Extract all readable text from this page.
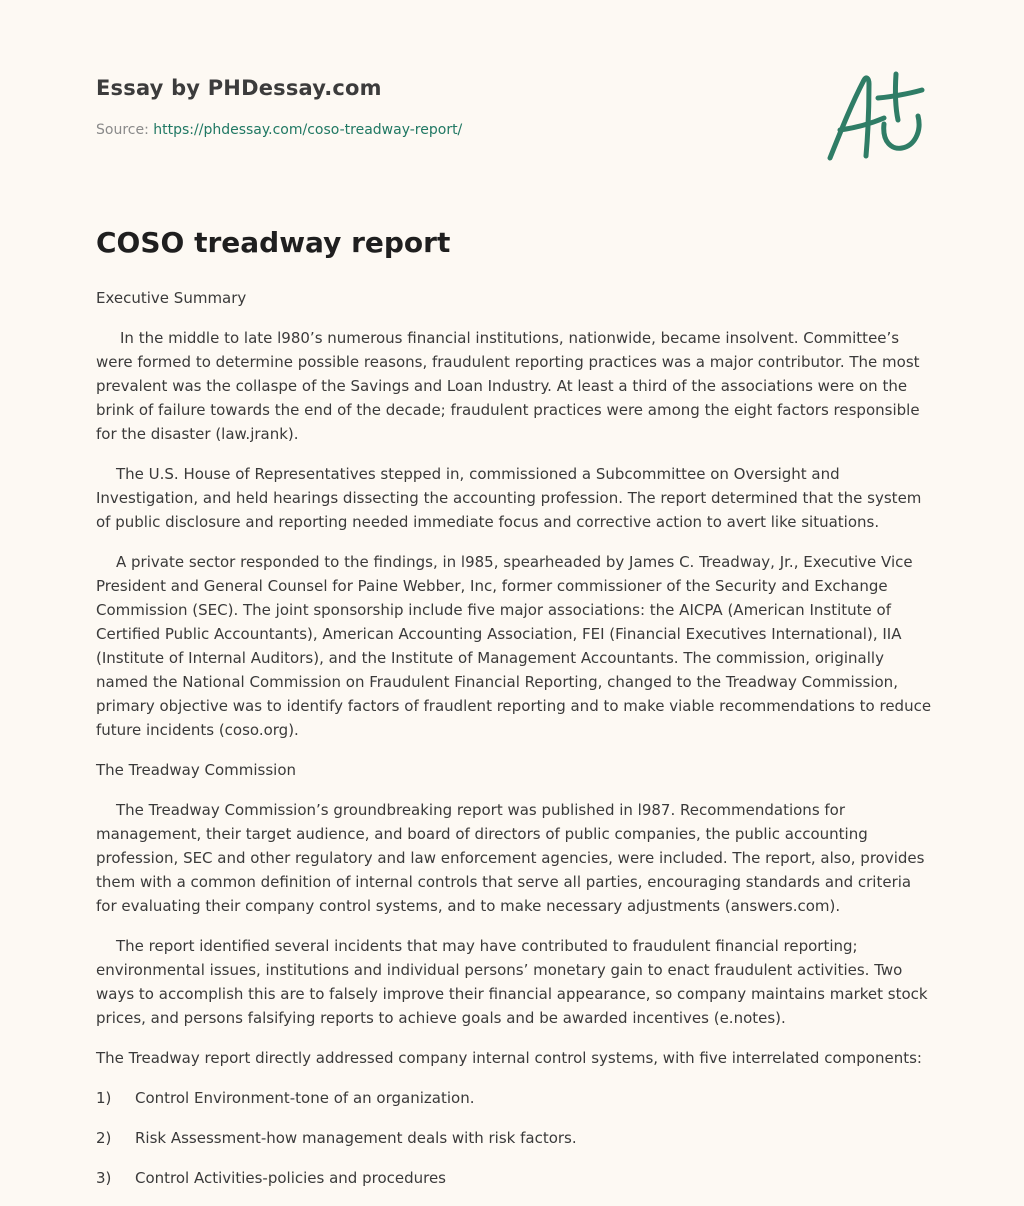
Essay by PHDessay.com
Source: https://phdessay.com/coso-treadway-report/
COSO treadway report

Executive Summary

In the middle to late l980’s numerous financial institutions, nationwide, became insolvent. Committee’s were formed to determine possible reasons, fraudulent reporting practices was a major contributor. The most prevalent was the collaspe of the Savings and Loan Industry. At least a third of the associations were on the brink of failure towards the end of the decade; fraudulent practices were among the eight factors responsible for the disaster (law.jrank).

The U.S. House of Representatives stepped in, commissioned a Subcommittee on Oversight and Investigation, and held hearings dissecting the accounting profession. The report determined that the system of public disclosure and reporting needed immediate focus and corrective action to avert like situations.

A private sector responded to the findings, in l985, spearheaded by James C. Treadway, Jr., Executive Vice President and General Counsel for Paine Webber, Inc, former commissioner of the Security and Exchange Commission (SEC). The joint sponsorship include five major associations: the AICPA (American Institute of Certified Public Accountants), American Accounting Association, FEI (Financial Executives International), IIA (Institute of Internal Auditors), and the Institute of Management Accountants. The commission, originally named the National Commission on Fraudulent Financial Reporting, changed to the Treadway Commission, primary objective was to identify factors of fraudlent reporting and to make viable recommendations to reduce future incidents (coso.org).

The Treadway Commission

The Treadway Commission’s groundbreaking report was published in l987. Recommendations for management, their target audience, and board of directors of public companies, the public accounting profession, SEC and other regulatory and law enforcement agencies, were included. The report, also, provides them with a common definition of internal controls that serve all parties, encouraging standards and criteria for evaluating their company control systems, and to make necessary adjustments (answers.com).

The report identified several incidents that may have contributed to fraudulent financial reporting; environmental issues, institutions and individual persons’ monetary gain to enact fraudulent activities. Two ways to accomplish this are to falsely improve their financial appearance, so company maintains market stock prices, and persons falsifying reports to achieve goals and be awarded incentives (e.notes).

The Treadway report directly addressed company internal control systems, with five interrelated components:

1)	Control Environment-tone of an organization.
2)	Risk Assessment-how management deals with risk factors.
3)	Control Activities-policies and procedures
